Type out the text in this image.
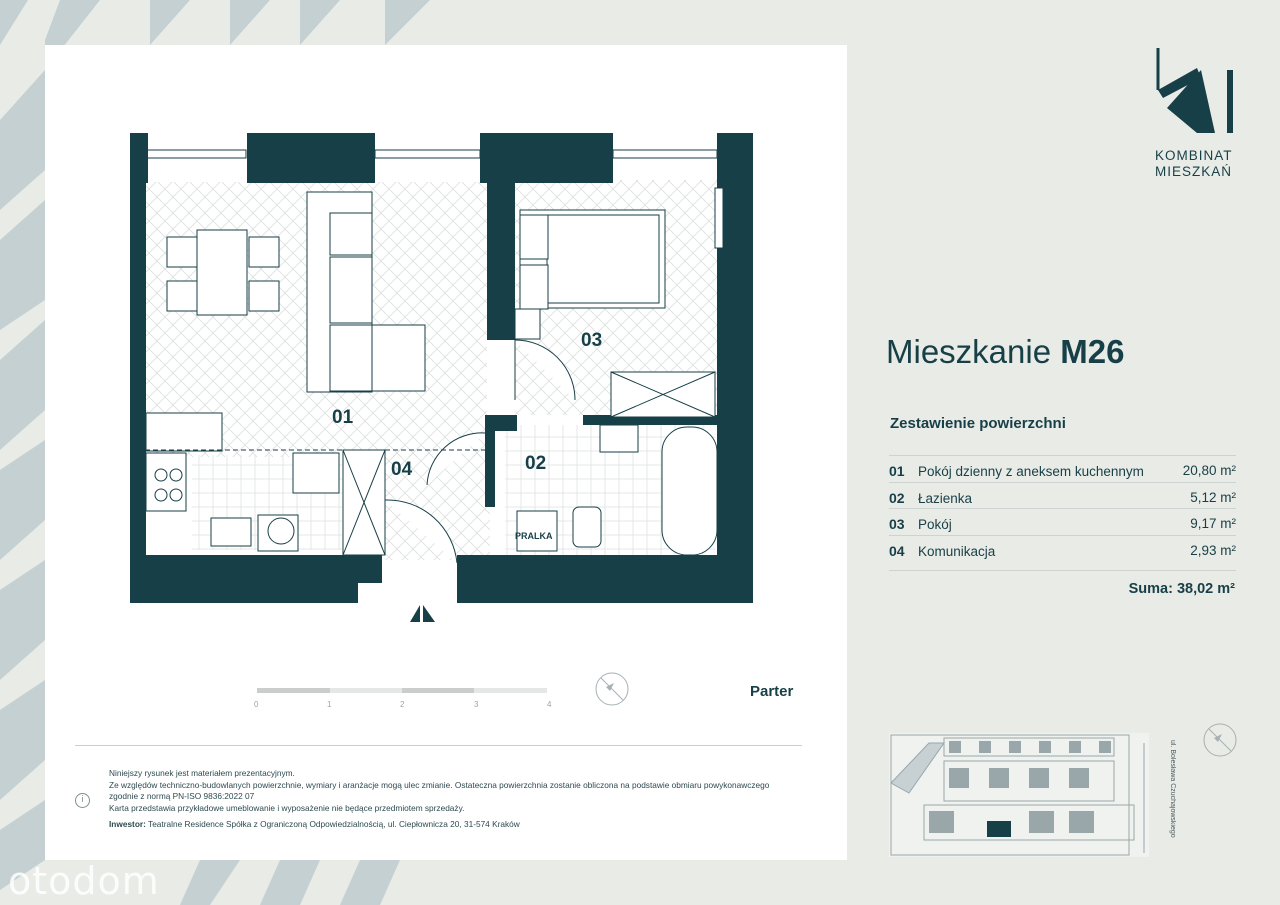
01
02
03
04
PRALKA
0	1	2	3	4
Parter
i

Niniejszy rysunek jest materiałem prezentacyjnym.

Ze względów techniczno-budowlanych powierzchnie, wymiary i aranżacje mogą ulec zmianie. Ostateczna powierzchnia zostanie obliczona na podstawie obmiaru powykonawczego zgodnie z normą PN-ISO 9836:2022 07

Karta przedstawia przykładowe umeblowanie i wyposażenie nie będące przedmiotem sprzedaży.

Inwestor: Teatralne Residence Spółka z Ograniczoną Odpowiedzialnością, ul. Ciepłownicza 20, 31-574 Kraków

KOMBINAT
MIESZKAŃ
Mieszkanie M26
Zestawienie powierzchni
01 Pokój dzienny z aneksem kuchennym	20,80 m²
02 Łazienka	5,12 m²
03 Pokój	9,17 m²
04 Komunikacja	2,93 m²
Suma: 38,02 m²
ul. Bolesława Czuchajowskiego
otodom
